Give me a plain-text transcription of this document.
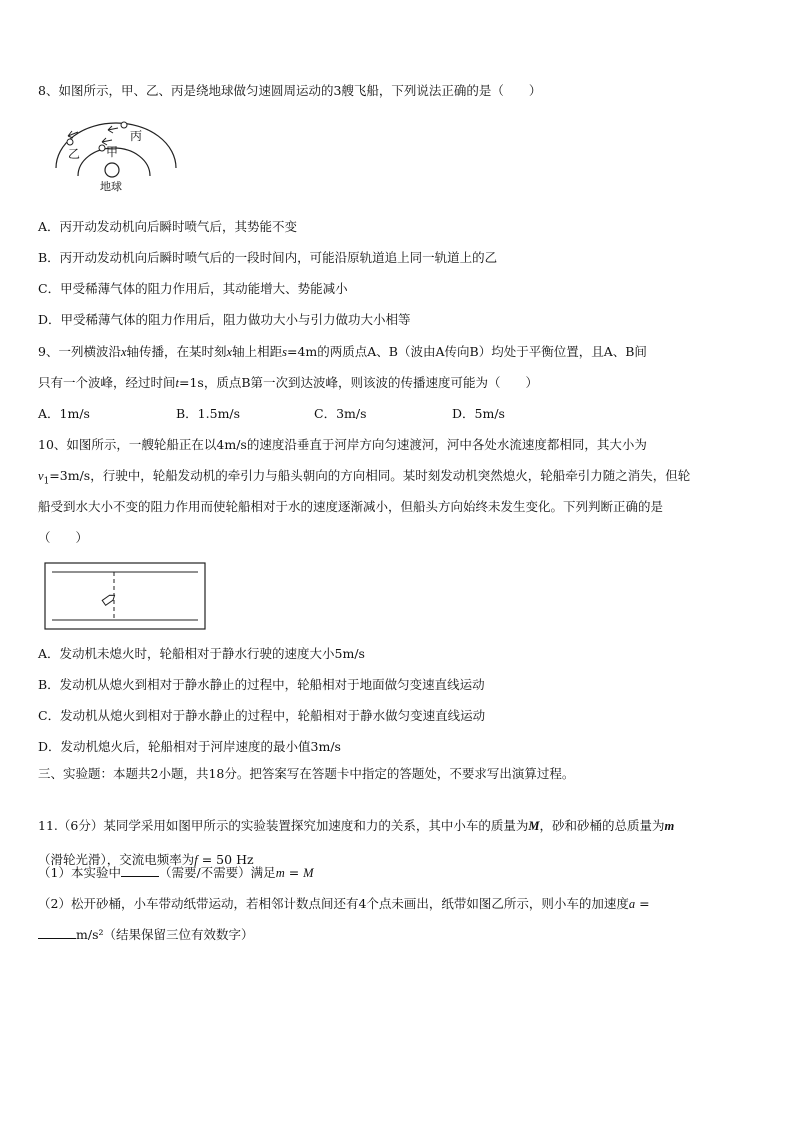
8、如图所示，甲、乙、丙是绕地球做匀速圆周运动的3艘飞船，下列说法正确的是（　　）
丙
乙 甲
地球
A．丙开动发动机向后瞬时喷气后，其势能不变
B．丙开动发动机向后瞬时喷气后的一段时间内，可能沿原轨道追上同一轨道上的乙
C．甲受稀薄气体的阻力作用后，其动能增大、势能减小
D．甲受稀薄气体的阻力作用后，阻力做功大小与引力做功大小相等
9、一列横波沿x轴传播，在某时刻x轴上相距s=4m的两质点A、B（波由A传向B）均处于平衡位置，且A、B间
只有一个波峰，经过时间t=1s，质点B第一次到达波峰，则该波的传播速度可能为（　　）
A．1m/s	B．1.5m/s	C．3m/s	D．5m/s
10、如图所示，一艘轮船正在以4m/s的速度沿垂直于河岸方向匀速渡河，河中各处水流速度都相同，其大小为
$v_1=3m/s$，行驶中，轮船发动机的牵引力与船头朝向的方向相同。某时刻发动机突然熄火，轮船牵引力随之消失，但轮
船受到水大小不变的阻力作用而使轮船相对于水的速度逐渐减小，但船头方向始终未发生变化。下列判断正确的是
（　　）
A．发动机未熄火时，轮船相对于静水行驶的速度大小5m/s
B．发动机从熄火到相对于静水静止的过程中，轮船相对于地面做匀变速直线运动
C．发动机从熄火到相对于静水静止的过程中，轮船相对于静水做匀变速直线运动
D．发动机熄火后，轮船相对于河岸速度的最小值3m/s
三、实验题：本题共2小题，共18分。把答案写在答题卡中指定的答题处，不要求写出演算过程。
11.（6分）某同学采用如图甲所示的实验装置探究加速度和力的关系，其中小车的质量为M，砂和砂桶的总质量为m
（滑轮光滑），交流电频率为f = 50 Hz
（1）本实验中	（需要/不需要）满足m = M
（2）松开砂桶，小车带动纸带运动，若相邻计数点间还有4个点未画出，纸带如图乙所示，则小车的加速度a =
m/s²（结果保留三位有效数字）
